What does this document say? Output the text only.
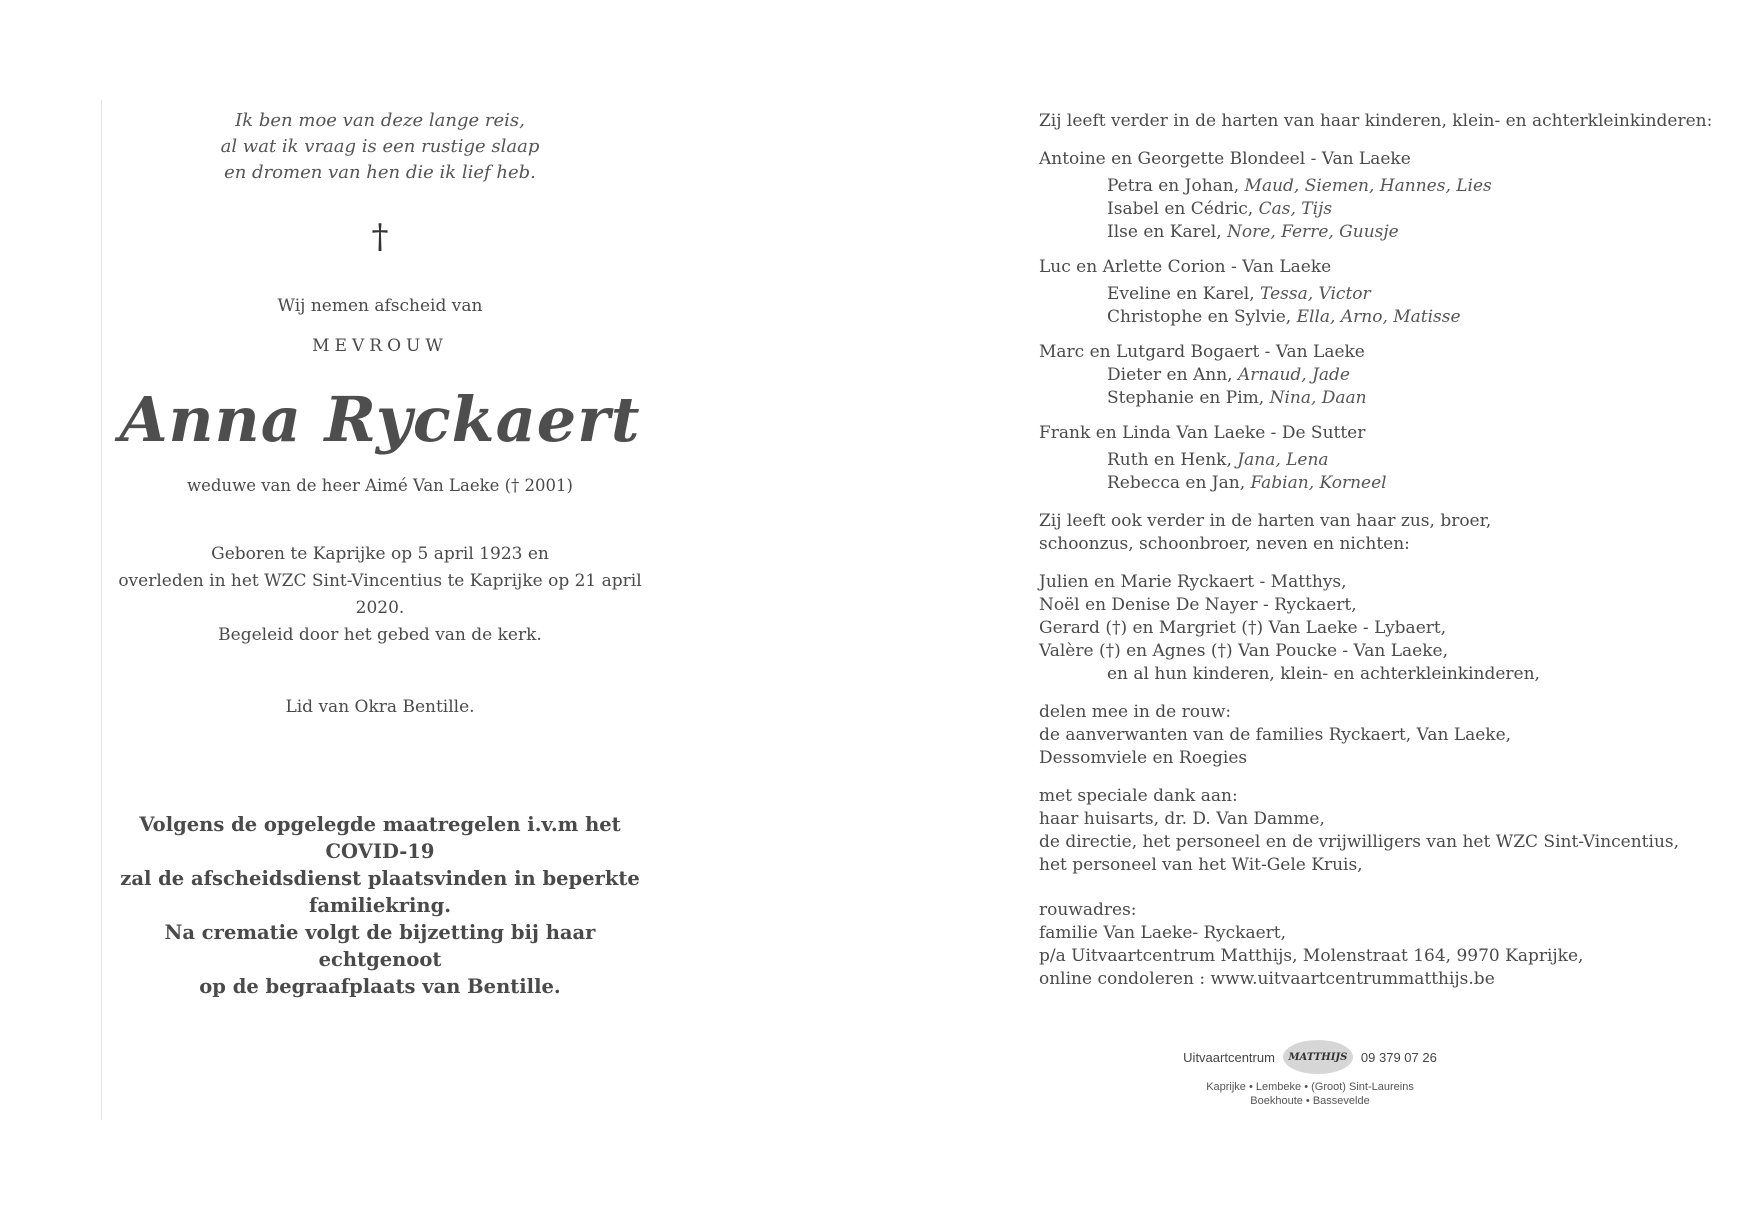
Ik ben moe van deze lange reis,
al wat ik vraag is een rustige slaap
en dromen van hen die ik lief heb.
†
Wij nemen afscheid van
MEVROUW
Anna Ryckaert
weduwe van de heer Aimé Van Laeke († 2001)
Geboren te Kaprijke op 5 april 1923 en
overleden in het WZC Sint-Vincentius te Kaprijke op 21 april 2020.
Begeleid door het gebed van de kerk.
Lid van Okra Bentille.
Volgens de opgelegde maatregelen i.v.m het COVID-19
zal de afscheidsdienst plaatsvinden in beperkte familiekring.
Na crematie volgt de bijzetting bij haar echtgenoot
op de begraafplaats van Bentille.
Zij leeft verder in de harten van haar kinderen, klein- en achterkleinkinderen:
Antoine en Georgette Blondeel - Van Laeke
Petra en Johan, Maud, Siemen, Hannes, Lies
Isabel en Cédric, Cas, Tijs
Ilse en Karel, Nore, Ferre, Guusje
Luc en Arlette Corion - Van Laeke
Eveline en Karel, Tessa, Victor
Christophe en Sylvie, Ella, Arno, Matisse
Marc en Lutgard Bogaert - Van Laeke
Dieter en Ann, Arnaud, Jade
Stephanie en Pim, Nina, Daan
Frank en Linda Van Laeke - De Sutter
Ruth en Henk, Jana, Lena
Rebecca en Jan, Fabian, Korneel
Zij leeft ook verder in de harten van haar zus, broer,
schoonzus, schoonbroer, neven en nichten:
Julien en Marie Ryckaert - Matthys,
Noël en Denise De Nayer - Ryckaert,
Gerard (†) en Margriet (†) Van Laeke - Lybaert,
Valère (†) en Agnes (†) Van Poucke - Van Laeke,
en al hun kinderen, klein- en achterkleinkinderen,
delen mee in de rouw:
de aanverwanten van de families Ryckaert, Van Laeke,
Dessomviele en Roegies
met speciale dank aan:
haar huisarts, dr. D. Van Damme,
de directie, het personeel en de vrijwilligers van het WZC Sint-Vincentius,
het personeel van het Wit-Gele Kruis,
rouwadres:
familie Van Laeke- Ryckaert,
p/a Uitvaartcentrum Matthijs, Molenstraat 164, 9970 Kaprijke,
online condoleren : www.uitvaartcentrummatthijs.be
Uitvaartcentrum	MATTHIJS	09 379 07 26
Kaprijke • Lembeke • (Groot) Sint-Laureins
Boekhoute • Bassevelde
